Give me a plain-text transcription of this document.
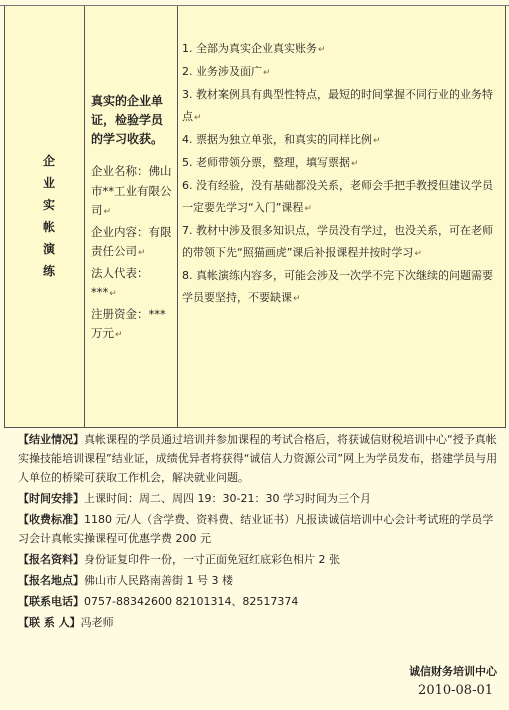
企业实帐演练
真实的企业单证，检验学员的学习收获。
企业名称：佛山市**工业有限公司↵
企业内容：有限责任公司↵
法人代表：***↵
注册资金：***万元↵
1. 全部为真实企业真实账务↵
2. 业务涉及面广↵
3. 教材案例具有典型性特点，最短的时间掌握不同行业的业务特点↵
4. 票据为独立单张，和真实的同样比例↵
5. 老师带领分票，整理，填写票据↵
6. 没有经验，没有基础都没关系，老师会手把手教授但建议学员一定要先学习“入门”课程↵
7. 教材中涉及很多知识点，学员没有学过，也没关系，可在老师的带领下先“照猫画虎”课后补报课程并按时学习↵
8. 真帐演练内容多，可能会涉及一次学不完下次继续的问题需要学员要坚持，不要缺课↵
【结业情况】真帐课程的学员通过培训并参加课程的考试合格后，将获诚信财税培训中心“授予真帐实操技能培训课程”结业证，成绩优异者将获得“诚信人力资源公司”网上为学员发布，搭建学员与用人单位的桥梁可获取工作机会，解决就业问题。
【时间安排】上课时间：周二、周四 19：30-21：30 学习时间为三个月
【收费标准】1180 元/人（含学费、资料费、结业证书）凡报读诚信培训中心会计考试班的学员学习会计真帐实操课程可优惠学费 200 元
【报名资料】身份证复印件一份，一寸正面免冠红底彩色相片 2 张
【报名地点】佛山市人民路南善街 1 号 3 楼
【联系电话】0757-88342600 82101314、82517374
【联 系 人】冯老师
诚信财务培训中心
2010-08-01
